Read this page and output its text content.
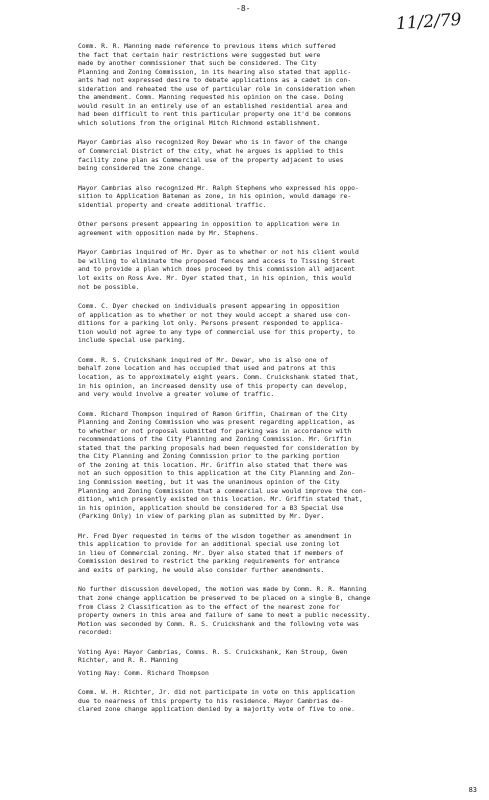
-8-
11/2/79

Comm. R. R. Manning made reference to previous items which suffered
the fact that certain hair restrictions were suggested but were
made by another commissioner that such be considered. The City
Planning and Zoning Commission, in its hearing also stated that applic-
ants had not expressed desire to debate applications as a cadet in con-
sideration and reheated the use of particular role in consideration when
the amendment. Comm. Manning requested his opinion on the case. Doing
would result in an entirely use of an established residential area and
had been difficult to rent this particular property one it'd be commons
which solutions from the original Mitch Richmond establishment.

Mayor Cambrias also recognized Roy Dewar who is in favor of the change
of Commercial District of the city, what he argues is applied to this
facility zone plan as Commercial use of the property adjacent to uses
being considered the zone change.

Mayor Cambrias also recognized Mr. Ralph Stephens who expressed his oppo-
sition to Application Bateman as zone, in his opinion, would damage re-
sidential property and create additional traffic.

Other persons present appearing in opposition to application were in
agreement with opposition made by Mr. Stephens.

Mayor Cambrias inquired of Mr. Dyer as to whether or not his client would
be willing to eliminate the proposed fences and access to Tissing Street
and to provide a plan which does proceed by this commission all adjacent
lot exits on Ross Ave. Mr. Dyer stated that, in his opinion, this would
not be possible.

Comm. C. Dyer checked on individuals present appearing in opposition
of application as to whether or not they would accept a shared use con-
ditions for a parking lot only. Persons present responded to applica-
tion would not agree to any type of commercial use for this property, to
include special use parking.

Comm. R. S. Cruickshank inquired of Mr. Dewar, who is also one of
behalf zone location and has occupied that used and patrons at this
location, as to approximately eight years. Comm. Cruickshank stated that,
in his opinion, an increased density use of this property can develop,
and very would involve a greater volume of traffic.

Comm. Richard Thompson inquired of Ramon Griffin, Chairman of the City
Planning and Zoning Commission who was present regarding application, as
to whether or not proposal submitted for parking was in accordance with
recommendations of the City Planning and Zoning Commission. Mr. Griffin
stated that the parking proposals had been requested for consideration by
the City Planning and Zoning Commission prior to the parking portion
of the zoning at this location. Mr. Griffin also stated that there was
not an such opposition to this application at the City Planning and Zon-
ing Commission meeting, but it was the unanimous opinion of the City
Planning and Zoning Commission that a commercial use would improve the con-
dition, which presently existed on this location. Mr. Griffin stated that,
in his opinion, application should be considered for a B3 Special Use
(Parking Only) in view of parking plan as submitted by Mr. Dyer.

Mr. Fred Dyer requested in terms of the wisdom together as amendment in
this application to provide for an additional special use zoning lot
in lieu of Commercial zoning. Mr. Dyer also stated that if members of
Commission desired to restrict the parking requirements for entrance
and exits of parking, he would also consider further amendments.

No further discussion developed, the motion was made by Comm. R. R. Manning
that zone change application be preserved to be placed on a single B, change
from Class 2 Classification as to the effect of the nearest zone for
property owners in this area and failure of same to meet a public necessity.
Motion was seconded by Comm. R. S. Cruickshank and the following vote was
recorded:

Voting Aye: Mayor Cambrias, Comms. R. S. Cruickshank, Ken Stroup, Gwen
Richter, and R. R. Manning

Voting Nay: Comm. Richard Thompson

Comm. W. H. Richter, Jr. did not participate in vote on this application
due to nearness of this property to his residence. Mayor Cambrias de-
clared zone change application denied by a majority vote of five to one.

83
